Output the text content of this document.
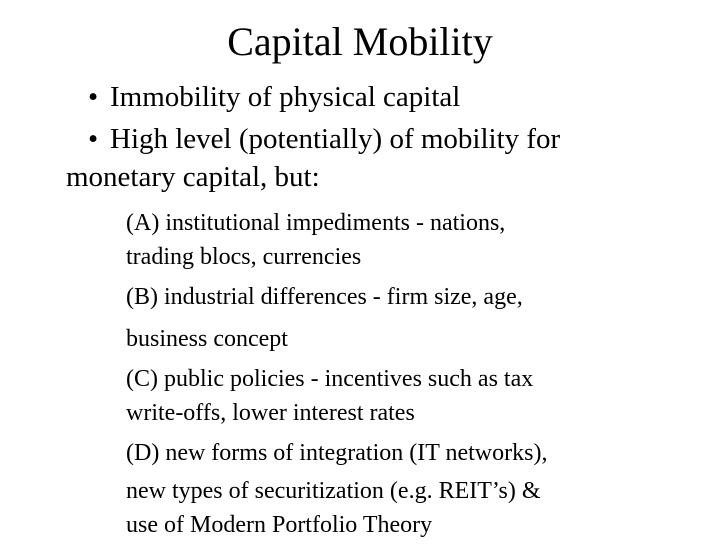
Capital Mobility
• Immobility of physical capital
• High level (potentially) of mobility for
monetary capital, but:
(A) institutional impediments - nations,
trading blocs, currencies
(B) industrial differences - firm size, age,
business concept
(C) public policies - incentives such as tax
write-offs, lower interest rates
(D) new forms of integration (IT networks),
new types of securitization (e.g. REIT’s) &
use of Modern Portfolio Theory
